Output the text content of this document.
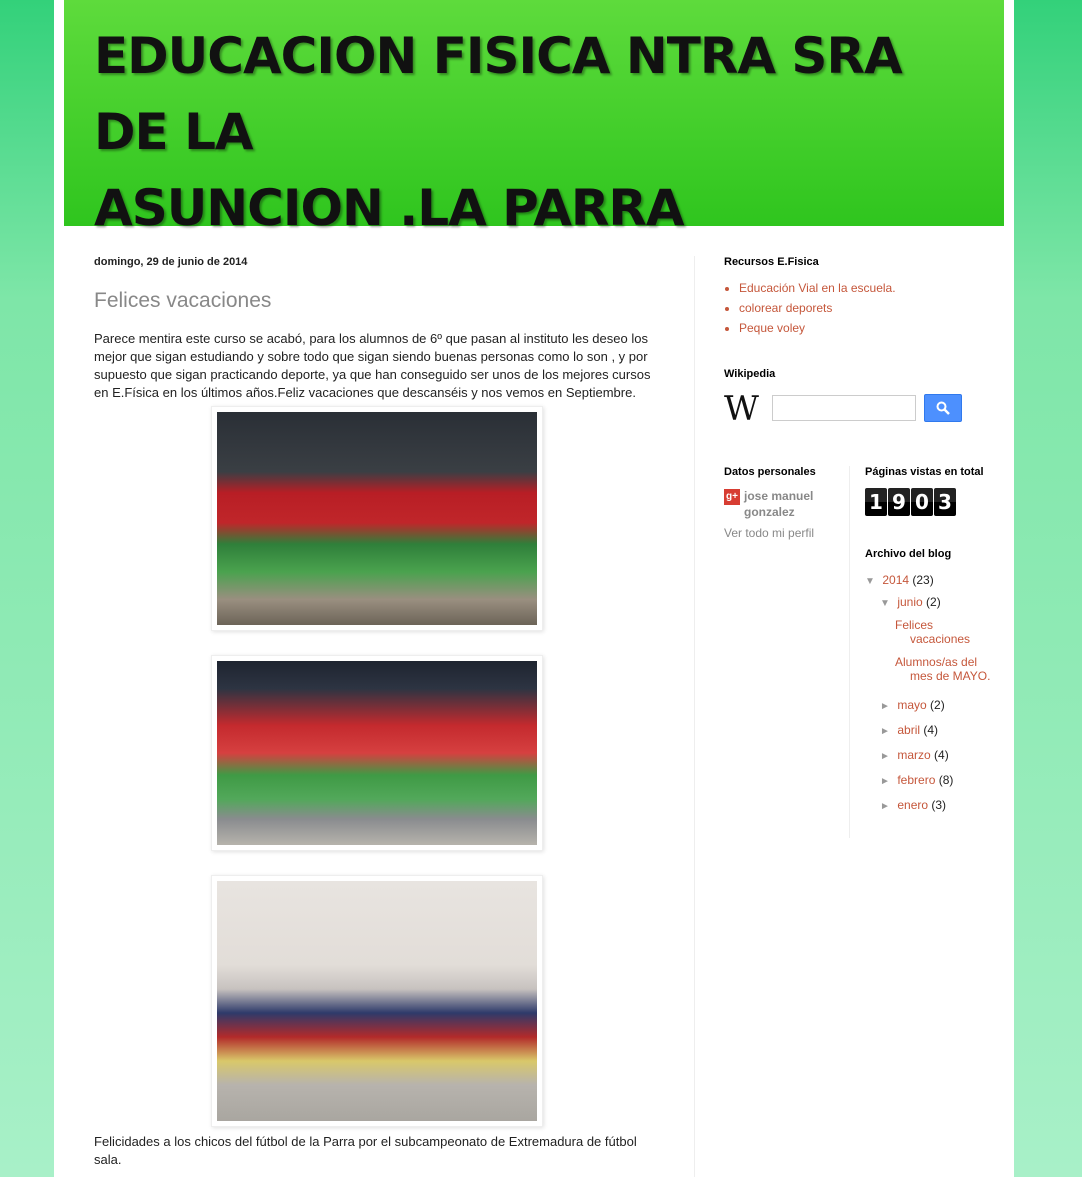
EDUCACION FISICA NTRA SRA DE LA
ASUNCION .LA PARRA
domingo, 29 de junio de 2014
Felices vacaciones
Parece mentira este curso se acabó, para los alumnos de 6º que pasan al instituto les deseo los mejor que sigan estudiando y sobre todo que sigan siendo buenas personas como lo son , y por supuesto que sigan practicando deporte, ya que han conseguido ser unos de los mejores cursos en E.Física en los últimos años.Feliz vacaciones que descanséis y nos vemos en Septiembre.
Felicidades a los chicos del fútbol de la Parra por el subcampeonato de Extremadura de fútbol sala.
Recursos E.Fisica
• Educación Vial en la escuela.
• colorear deporets
• Peque voley
Wikipedia
W
Datos personales
g+ jose manuel gonzalez
Ver todo mi perfil
Páginas vistas en total
1 9 0 3
Archivo del blog
▼ 2014 (23)
▼ junio (2)
Felices vacaciones
Alumnos/as del mes de MAYO.
► mayo (2)
► abril (4)
► marzo (4)
► febrero (8)
► enero (3)
